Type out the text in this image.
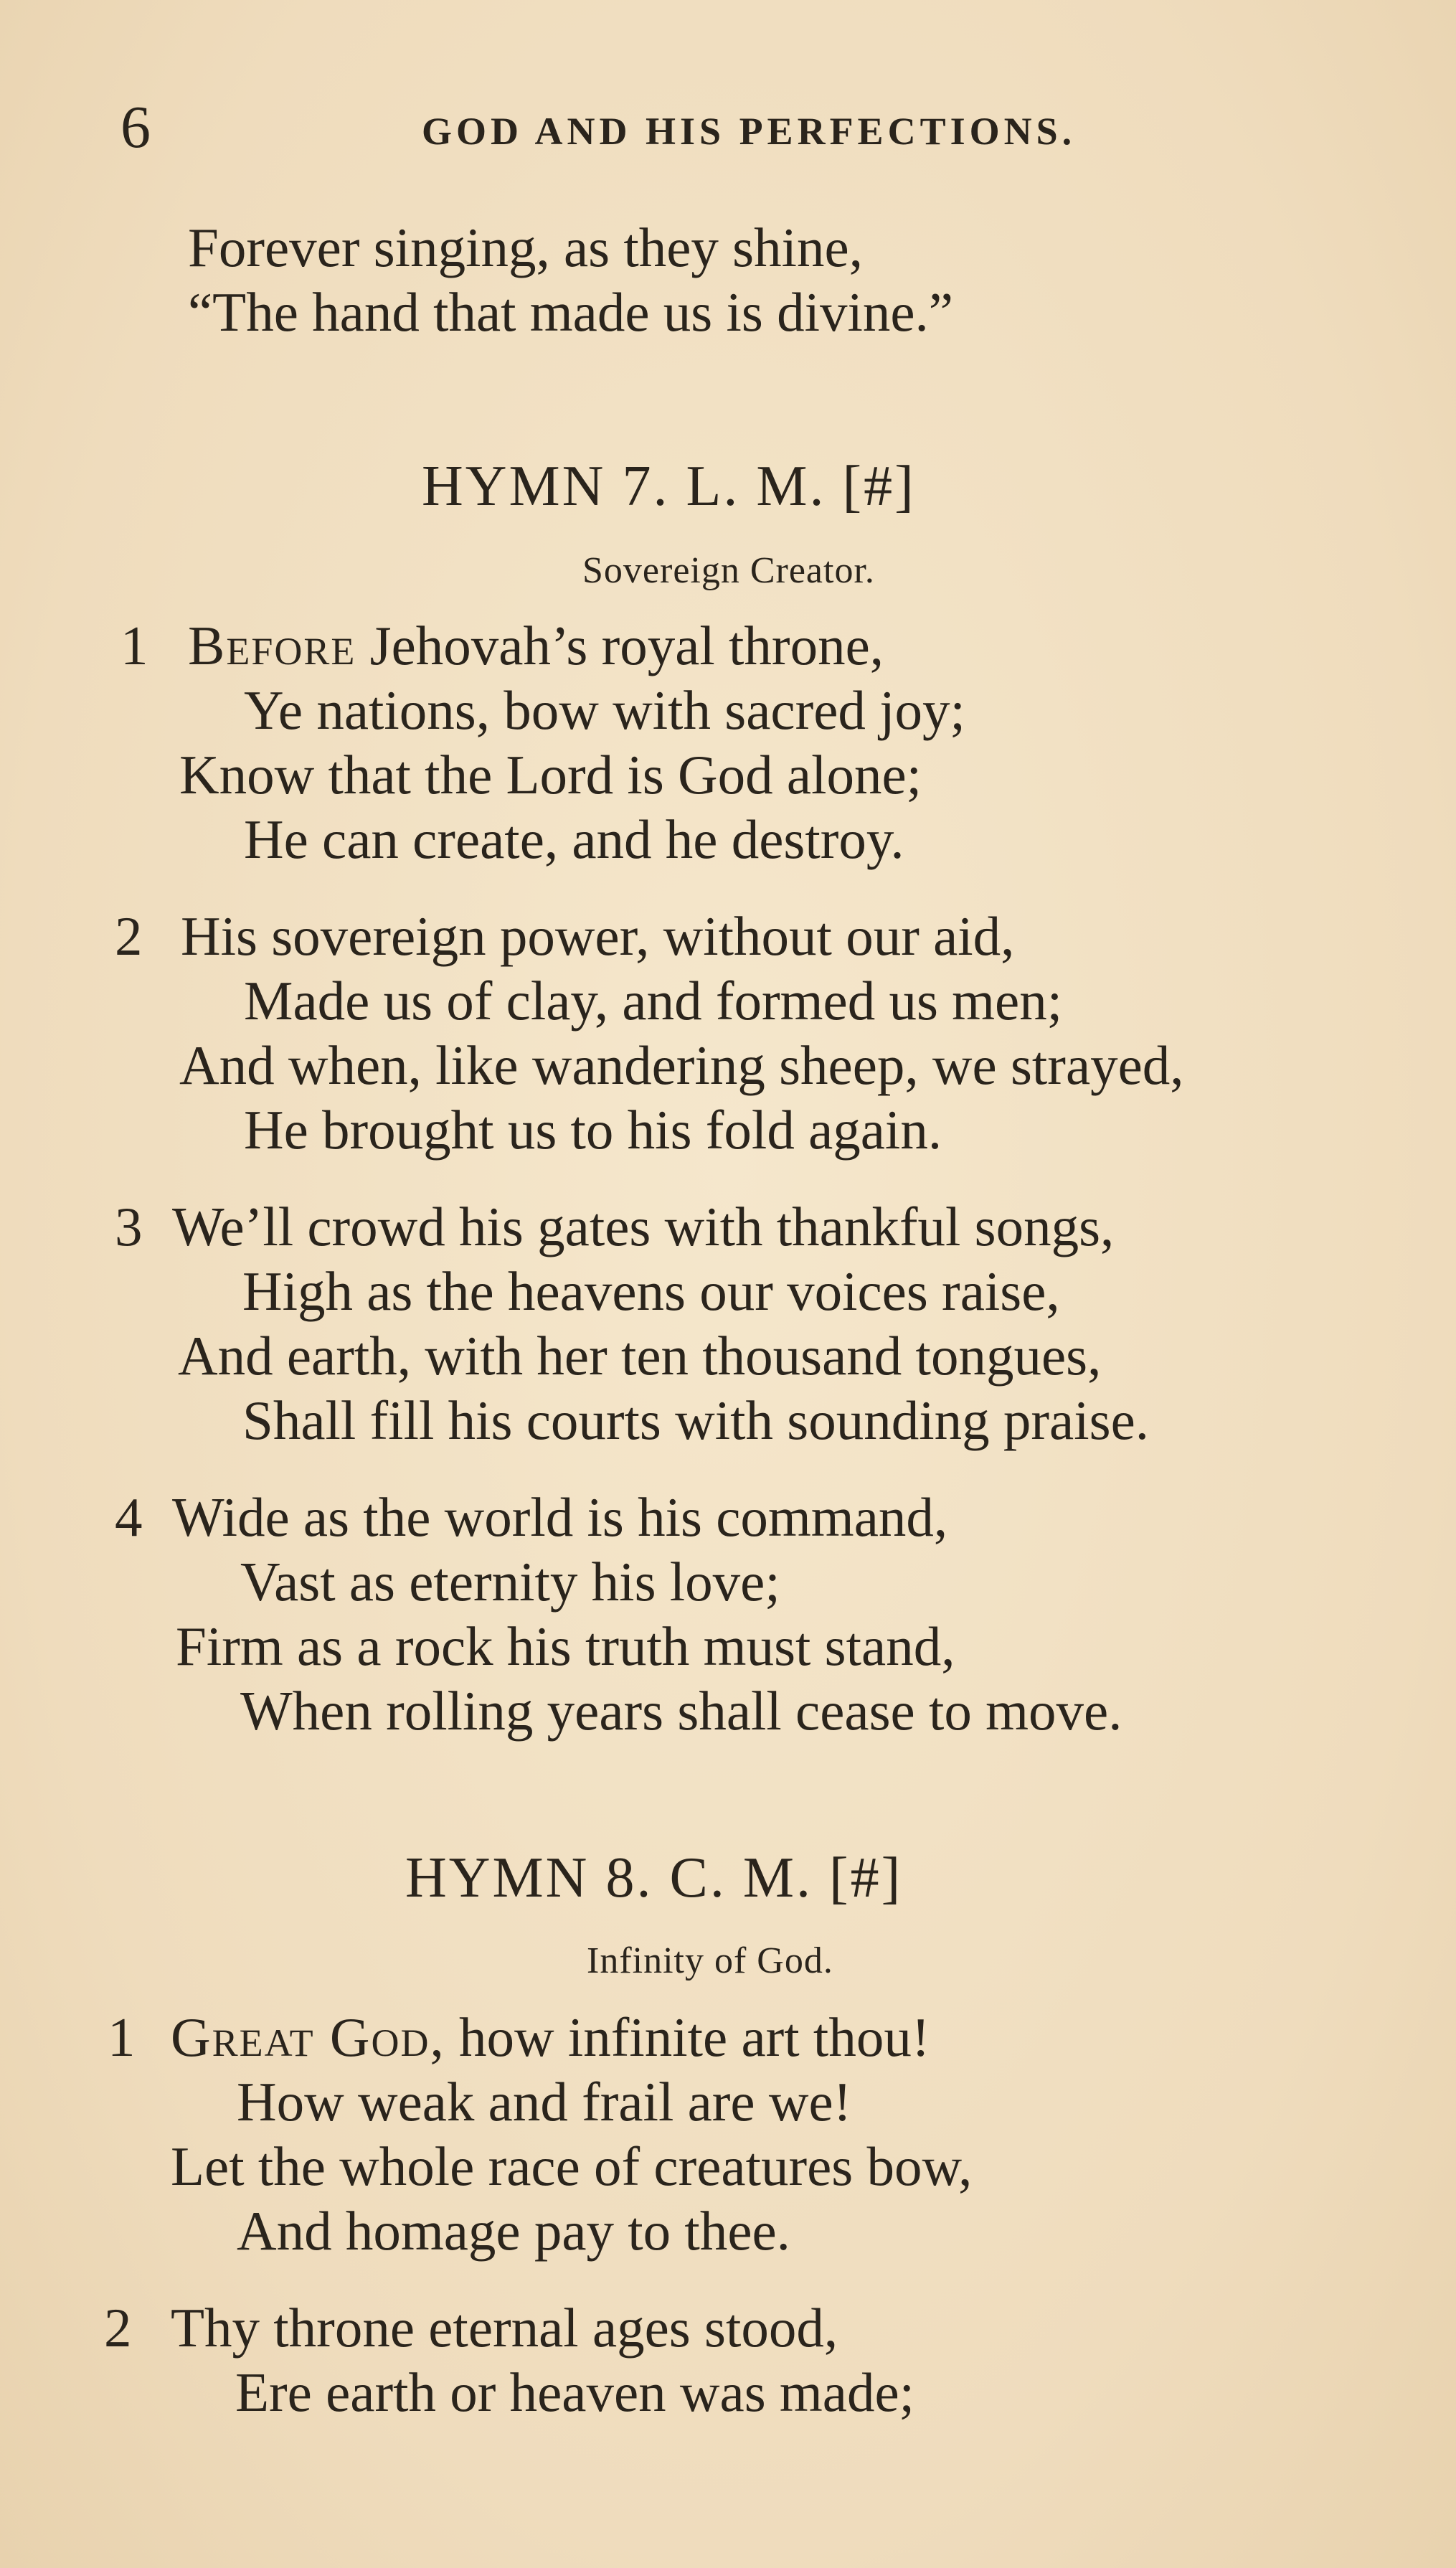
6	GOD AND HIS PERFECTIONS.
Forever singing, as they shine,
“The hand that made us is divine.”
HYMN 7. L. M. [#]
Sovereign Creator.
1 Before Jehovah’s royal throne,
Ye nations, bow with sacred joy;
Know that the Lord is God alone;
He can create, and he destroy.
2 His sovereign power, without our aid,
Made us of clay, and formed us men;
And when, like wandering sheep, we strayed,
He brought us to his fold again.
3 We’ll crowd his gates with thankful songs,
High as the heavens our voices raise,
And earth, with her ten thousand tongues,
Shall fill his courts with sounding praise.
4 Wide as the world is his command,
Vast as eternity his love;
Firm as a rock his truth must stand,
When rolling years shall cease to move.
HYMN 8. C. M. [#]
Infinity of God.
1 Great God, how infinite art thou!
How weak and frail are we!
Let the whole race of creatures bow,
And homage pay to thee.
2 Thy throne eternal ages stood,
Ere earth or heaven was made;
